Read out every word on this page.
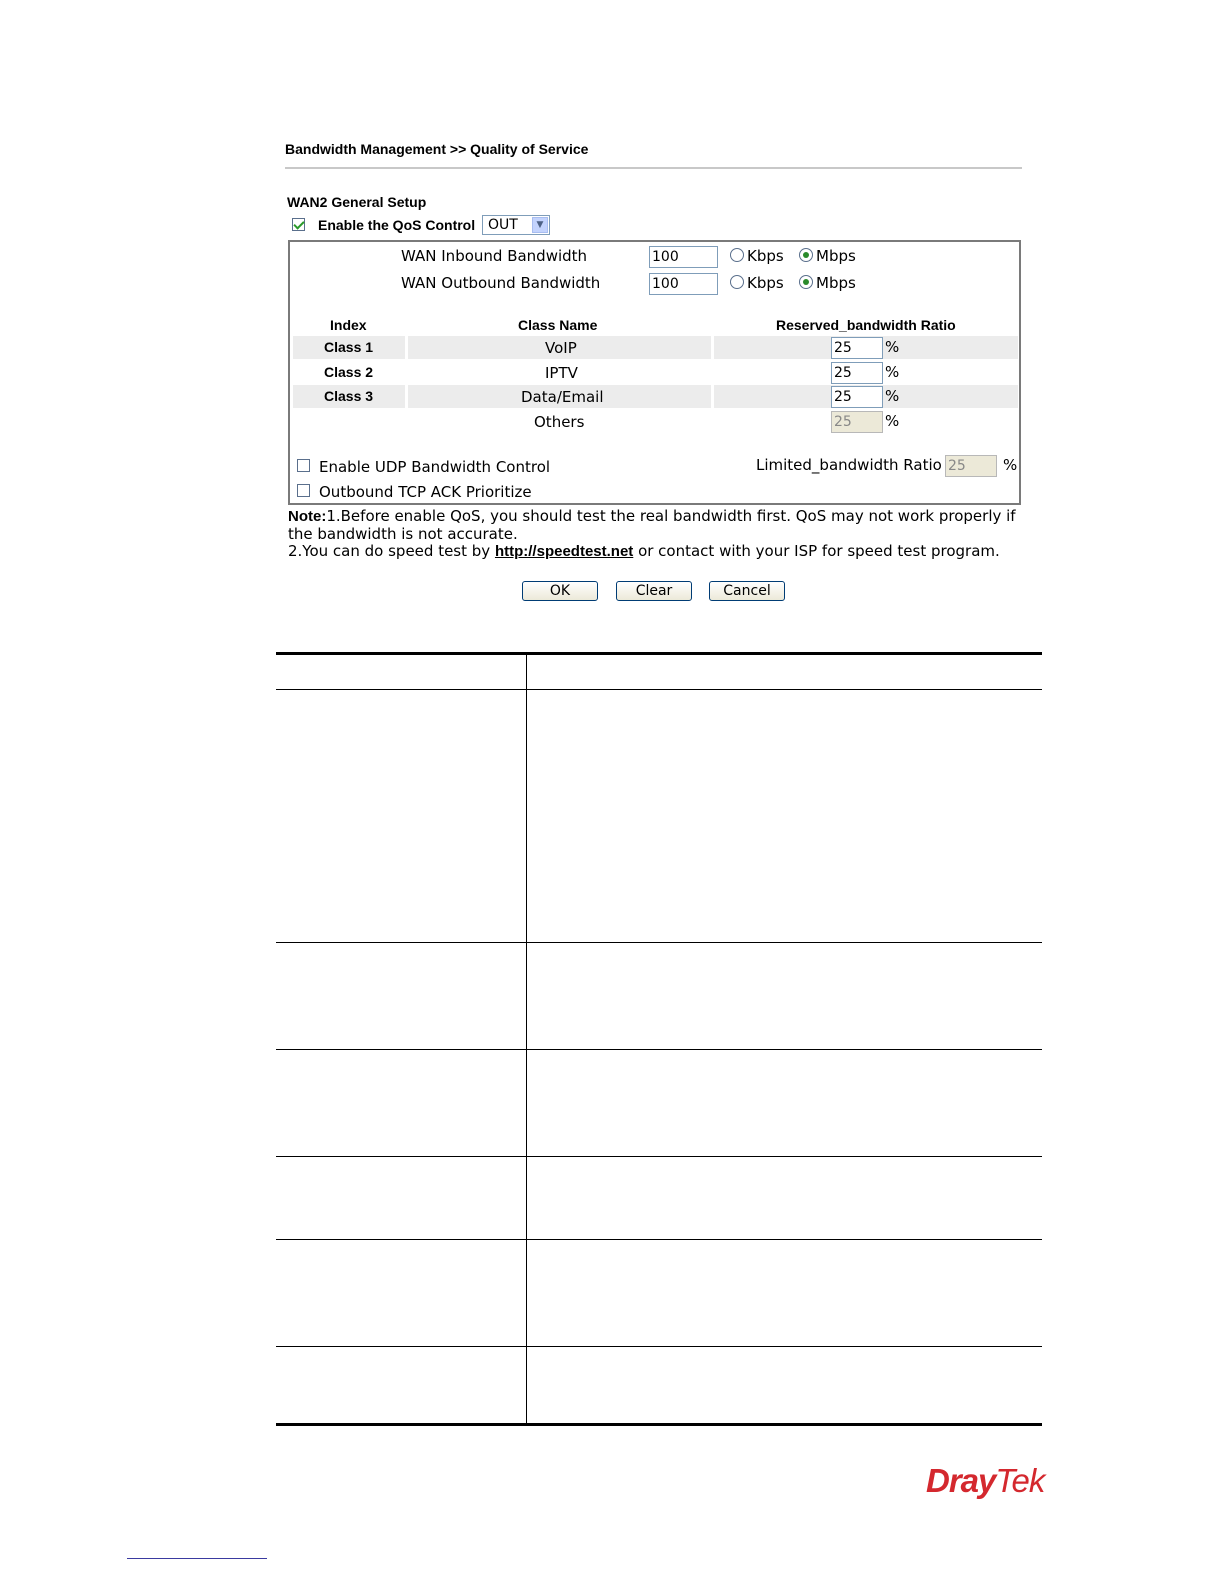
Bandwidth Management >> Quality of Service
WAN2 General Setup
Enable the QoS Control OUT	▼
WAN Inbound Bandwidth	100	Kbps Mbps
WAN Outbound Bandwidth	100	Kbps Mbps
Index	Class Name	Reserved_bandwidth Ratio
Class 1	VoIP	25	%
Class 2	IPTV	25	%
Class 3	Data/Email	25	%
Others	25	%
Enable UDP Bandwidth Control	Limited_bandwidth Ratio 25	%
Outbound TCP ACK Prioritize
Note:1.Before enable QoS, you should test the real bandwidth first. QoS may not work properly if
the bandwidth is not accurate.
2.You can do speed test by http://speedtest.net or contact with your ISP for speed test program.
OK	Clear	Cancel
DrayTek
